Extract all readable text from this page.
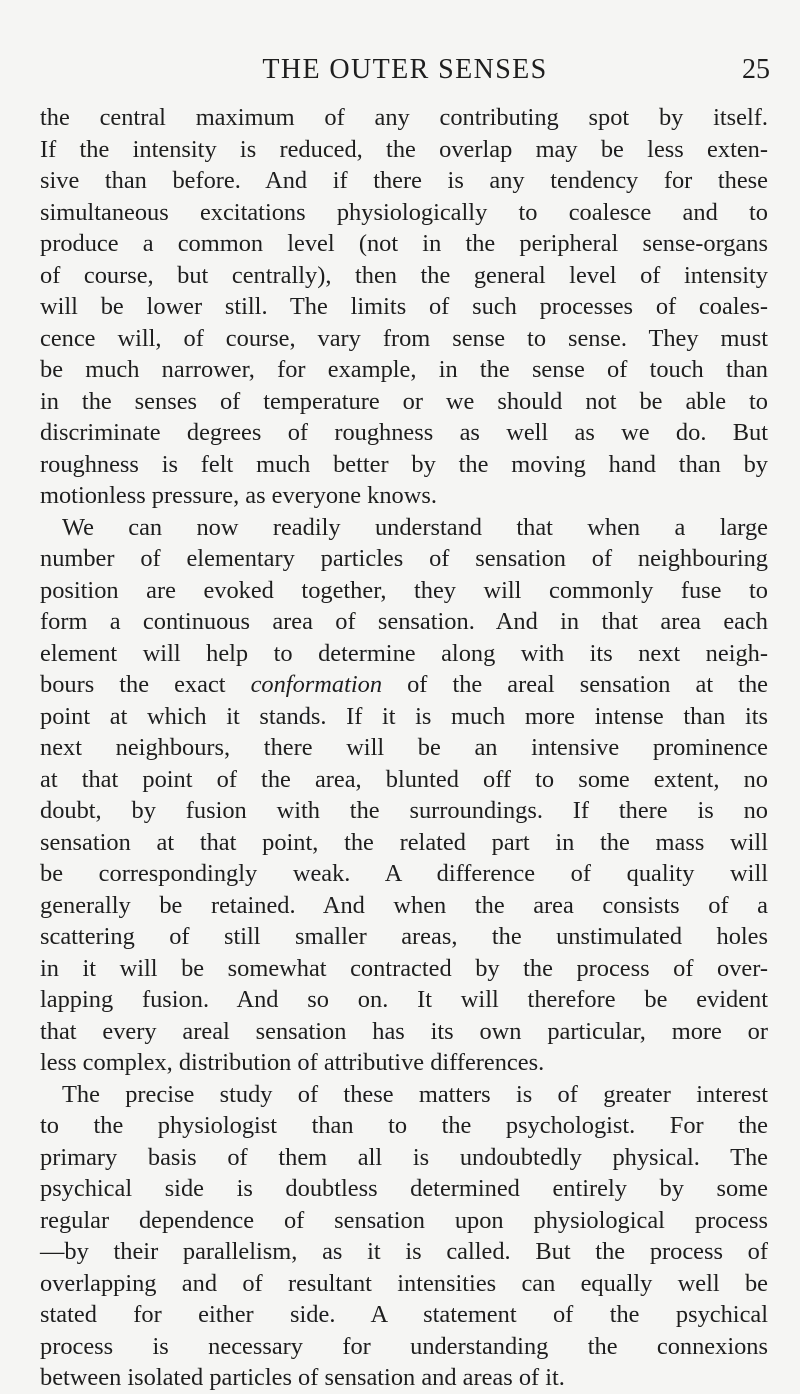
THE OUTER SENSES	25
the central maximum of any contributing spot by itself.
If the intensity is reduced, the overlap may be less exten-
sive than before. And if there is any tendency for these
simultaneous excitations physiologically to coalesce and to
produce a common level (not in the peripheral sense-organs
of course, but centrally), then the general level of intensity
will be lower still. The limits of such processes of coales-
cence will, of course, vary from sense to sense. They must
be much narrower, for example, in the sense of touch than
in the senses of temperature or we should not be able to
discriminate degrees of roughness as well as we do. But
roughness is felt much better by the moving hand than by
motionless pressure, as everyone knows.
We can now readily understand that when a large
number of elementary particles of sensation of neighbouring
position are evoked together, they will commonly fuse to
form a continuous area of sensation. And in that area each
element will help to determine along with its next neigh-
bours the exact conformation of the areal sensation at the
point at which it stands. If it is much more intense than its
next neighbours, there will be an intensive prominence
at that point of the area, blunted off to some extent, no
doubt, by fusion with the surroundings. If there is no
sensation at that point, the related part in the mass will
be correspondingly weak. A difference of quality will
generally be retained. And when the area consists of a
scattering of still smaller areas, the unstimulated holes
in it will be somewhat contracted by the process of over-
lapping fusion. And so on. It will therefore be evident
that every areal sensation has its own particular, more or
less complex, distribution of attributive differences.
The precise study of these matters is of greater interest
to the physiologist than to the psychologist. For the
primary basis of them all is undoubtedly physical. The
psychical side is doubtless determined entirely by some
regular dependence of sensation upon physiological process
—by their parallelism, as it is called. But the process of
overlapping and of resultant intensities can equally well be
stated for either side. A statement of the psychical
process is necessary for understanding the connexions
between isolated particles of sensation and areas of it.
